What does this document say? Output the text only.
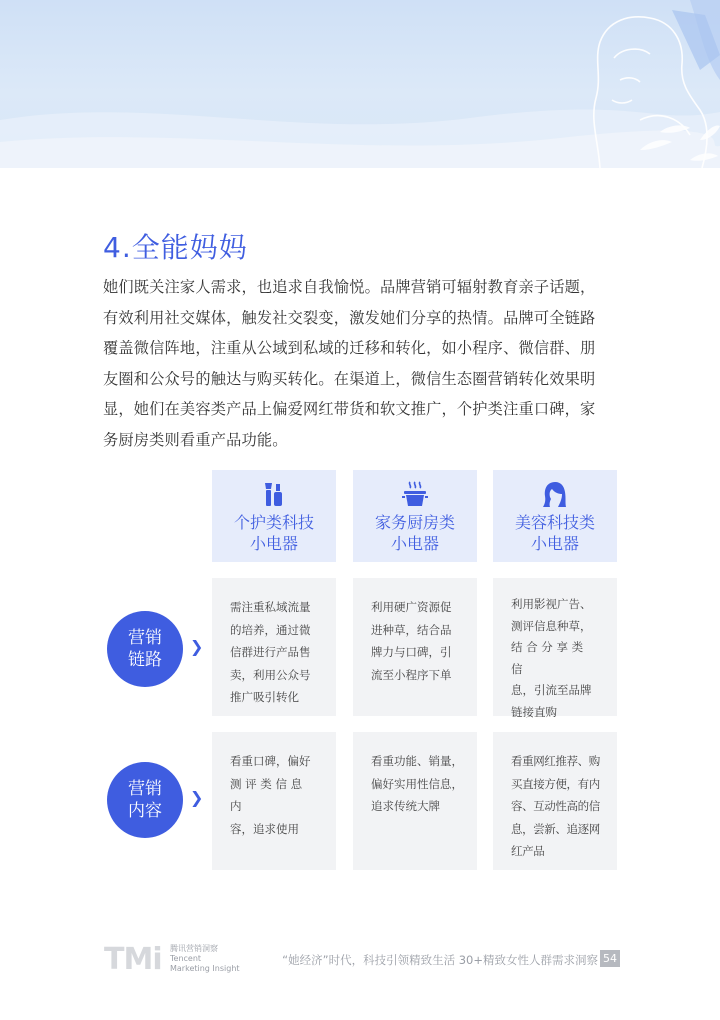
4.全能妈妈
她们既关注家人需求，也追求自我愉悦。品牌营销可辐射教育亲子话题，
有效利用社交媒体，触发社交裂变，激发她们分享的热情。品牌可全链路
覆盖微信阵地，注重从公域到私域的迁移和转化，如小程序、微信群、朋
友圈和公众号的触达与购买转化。在渠道上，微信生态圈营销转化效果明
显，她们在美容类产品上偏爱网红带货和软文推广，个护类注重口碑，家
务厨房类则看重产品功能。
个护类科技
小电器
家务厨房类
小电器
美容科技类
小电器
营销
链路
❯
需注重私域流量
的培养，通过微
信群进行产品售
卖，利用公众号
推广吸引转化
利用硬广资源促
进种草，结合品
牌力与口碑，引
流至小程序下单
利用影视广告、
测评信息种草，
结 合 分 享 类
信
息，引流至品牌
链接直购
营销
内容
❯
看重口碑，偏好
测 评 类 信 息
内
容，追求使用
看重功能、销量，
偏好实用性信息，
追求传统大牌
看重网红推荐、购
买直接方便，有内
容、互动性高的信
息，尝新、追逐网
红产品
TMi 腾讯营销洞察
Tencent
Marketing Insight
“她经济”时代，科技引领精致生活 30+精致女性人群需求洞察 54
